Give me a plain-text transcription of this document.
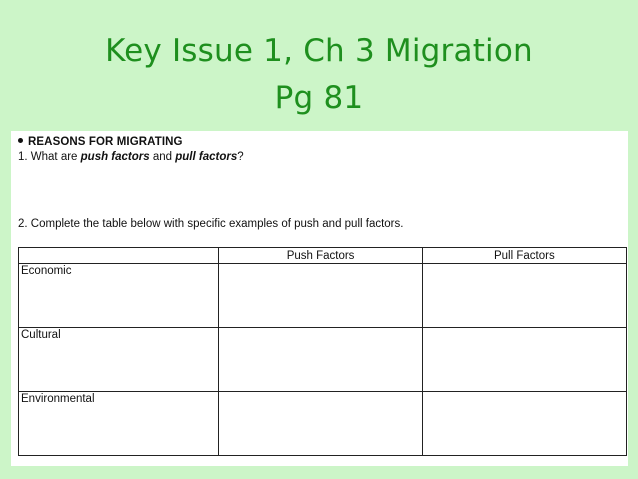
Key Issue 1, Ch 3 Migration
Pg 81
REASONS FOR MIGRATING
1. What are push factors and pull factors?
2. Complete the table below with specific examples of push and pull factors.
	Push Factors	Pull Factors

Economic		

Cultural		

Environmental		
